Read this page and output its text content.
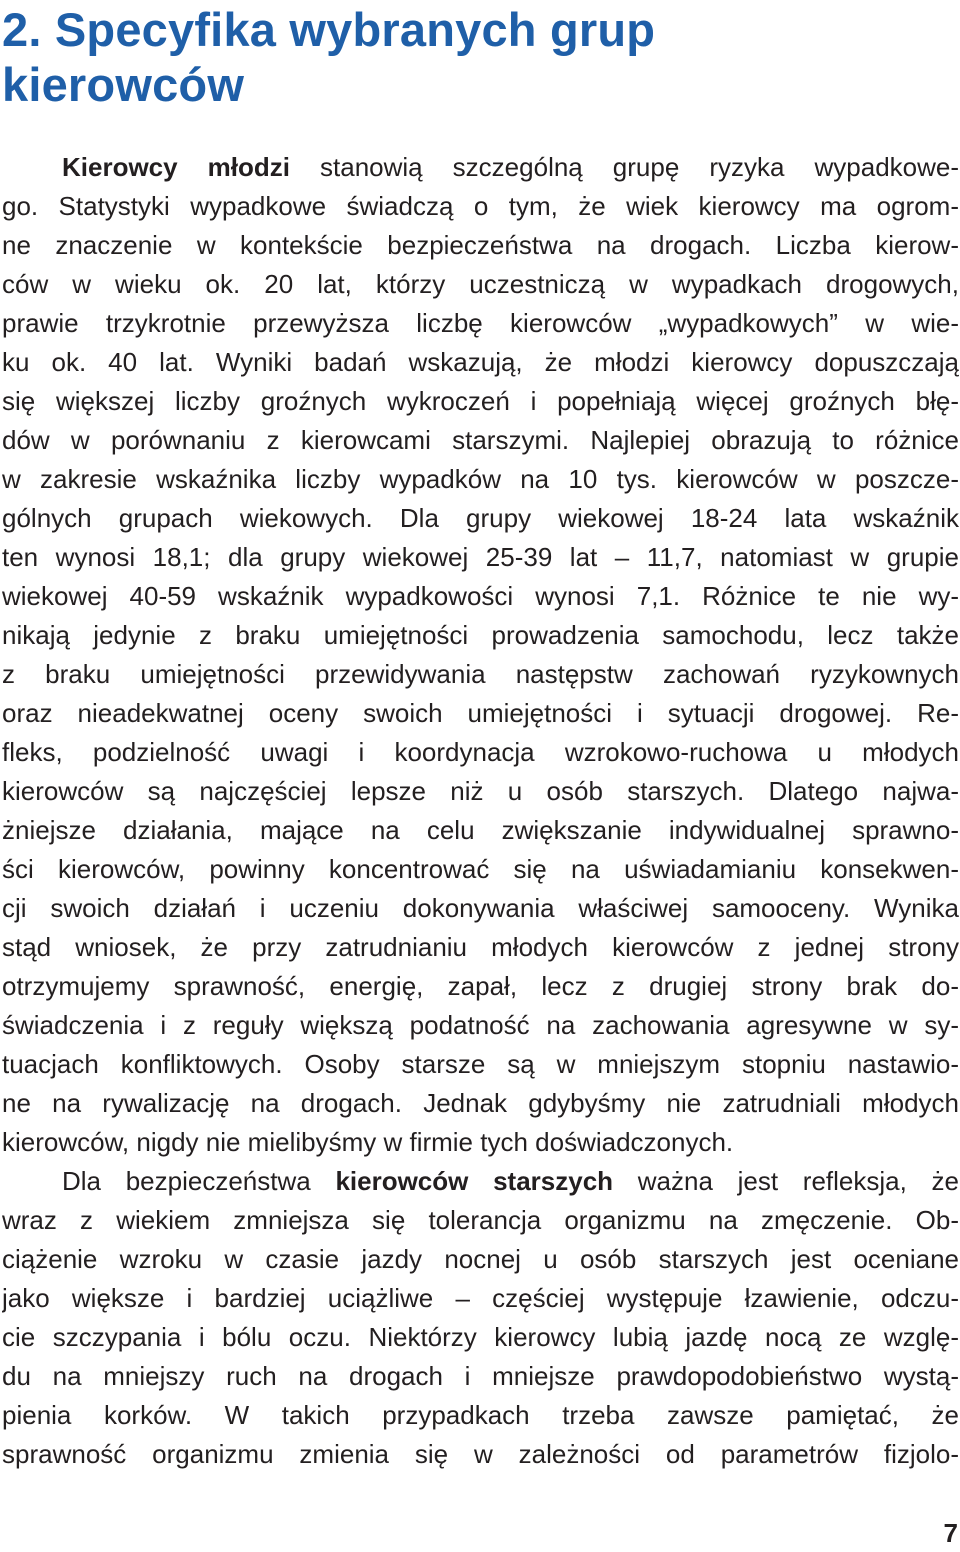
2. Specyfika wybranych grup
kierowców
Kierowcy młodzi stanowią szczególną grupę ryzyka wypadkowe-
go. Statystyki wypadkowe świadczą o tym, że wiek kierowcy ma ogrom-
ne znaczenie w kontekście bezpieczeństwa na drogach. Liczba kierow-
ców w wieku ok. 20 lat, którzy uczestniczą w wypadkach drogowych,
prawie trzykrotnie przewyższa liczbę kierowców „wypadkowych” w wie-
ku ok. 40 lat. Wyniki badań wskazują, że młodzi kierowcy dopuszczają
się większej liczby groźnych wykroczeń i popełniają więcej groźnych błę-
dów w porównaniu z kierowcami starszymi. Najlepiej obrazują to różnice
w zakresie wskaźnika liczby wypadków na 10 tys. kierowców w poszcze-
gólnych grupach wiekowych. Dla grupy wiekowej 18-24 lata wskaźnik
ten wynosi 18,1; dla grupy wiekowej 25-39 lat – 11,7, natomiast w grupie
wiekowej 40-59 wskaźnik wypadkowości wynosi 7,1. Różnice te nie wy-
nikają jedynie z braku umiejętności prowadzenia samochodu, lecz także
z braku umiejętności przewidywania następstw zachowań ryzykownych
oraz nieadekwatnej oceny swoich umiejętności i sytuacji drogowej. Re-
fleks, podzielność uwagi i koordynacja wzrokowo-ruchowa u młodych
kierowców są najczęściej lepsze niż u osób starszych. Dlatego najwa-
żniejsze działania, mające na celu zwiększanie indywidualnej sprawno-
ści kierowców, powinny koncentrować się na uświadamianiu konsekwen-
cji swoich działań i uczeniu dokonywania właściwej samooceny. Wynika
stąd wniosek, że przy zatrudnianiu młodych kierowców z jednej strony
otrzymujemy sprawność, energię, zapał, lecz z drugiej strony brak do-
świadczenia i z reguły większą podatność na zachowania agresywne w sy-
tuacjach konfliktowych. Osoby starsze są w mniejszym stopniu nastawio-
ne na rywalizację na drogach. Jednak gdybyśmy nie zatrudniali młodych
kierowców, nigdy nie mielibyśmy w firmie tych doświadczonych.
Dla bezpieczeństwa kierowców starszych ważna jest refleksja, że
wraz z wiekiem zmniejsza się tolerancja organizmu na zmęczenie. Ob-
ciążenie wzroku w czasie jazdy nocnej u osób starszych jest oceniane
jako większe i bardziej uciążliwe – częściej występuje łzawienie, odczu-
cie szczypania i bólu oczu. Niektórzy kierowcy lubią jazdę nocą ze wzglę-
du na mniejszy ruch na drogach i mniejsze prawdopodobieństwo wystą-
pienia korków. W takich przypadkach trzeba zawsze pamiętać, że
sprawność organizmu zmienia się w zależności od parametrów fizjolo-
7
